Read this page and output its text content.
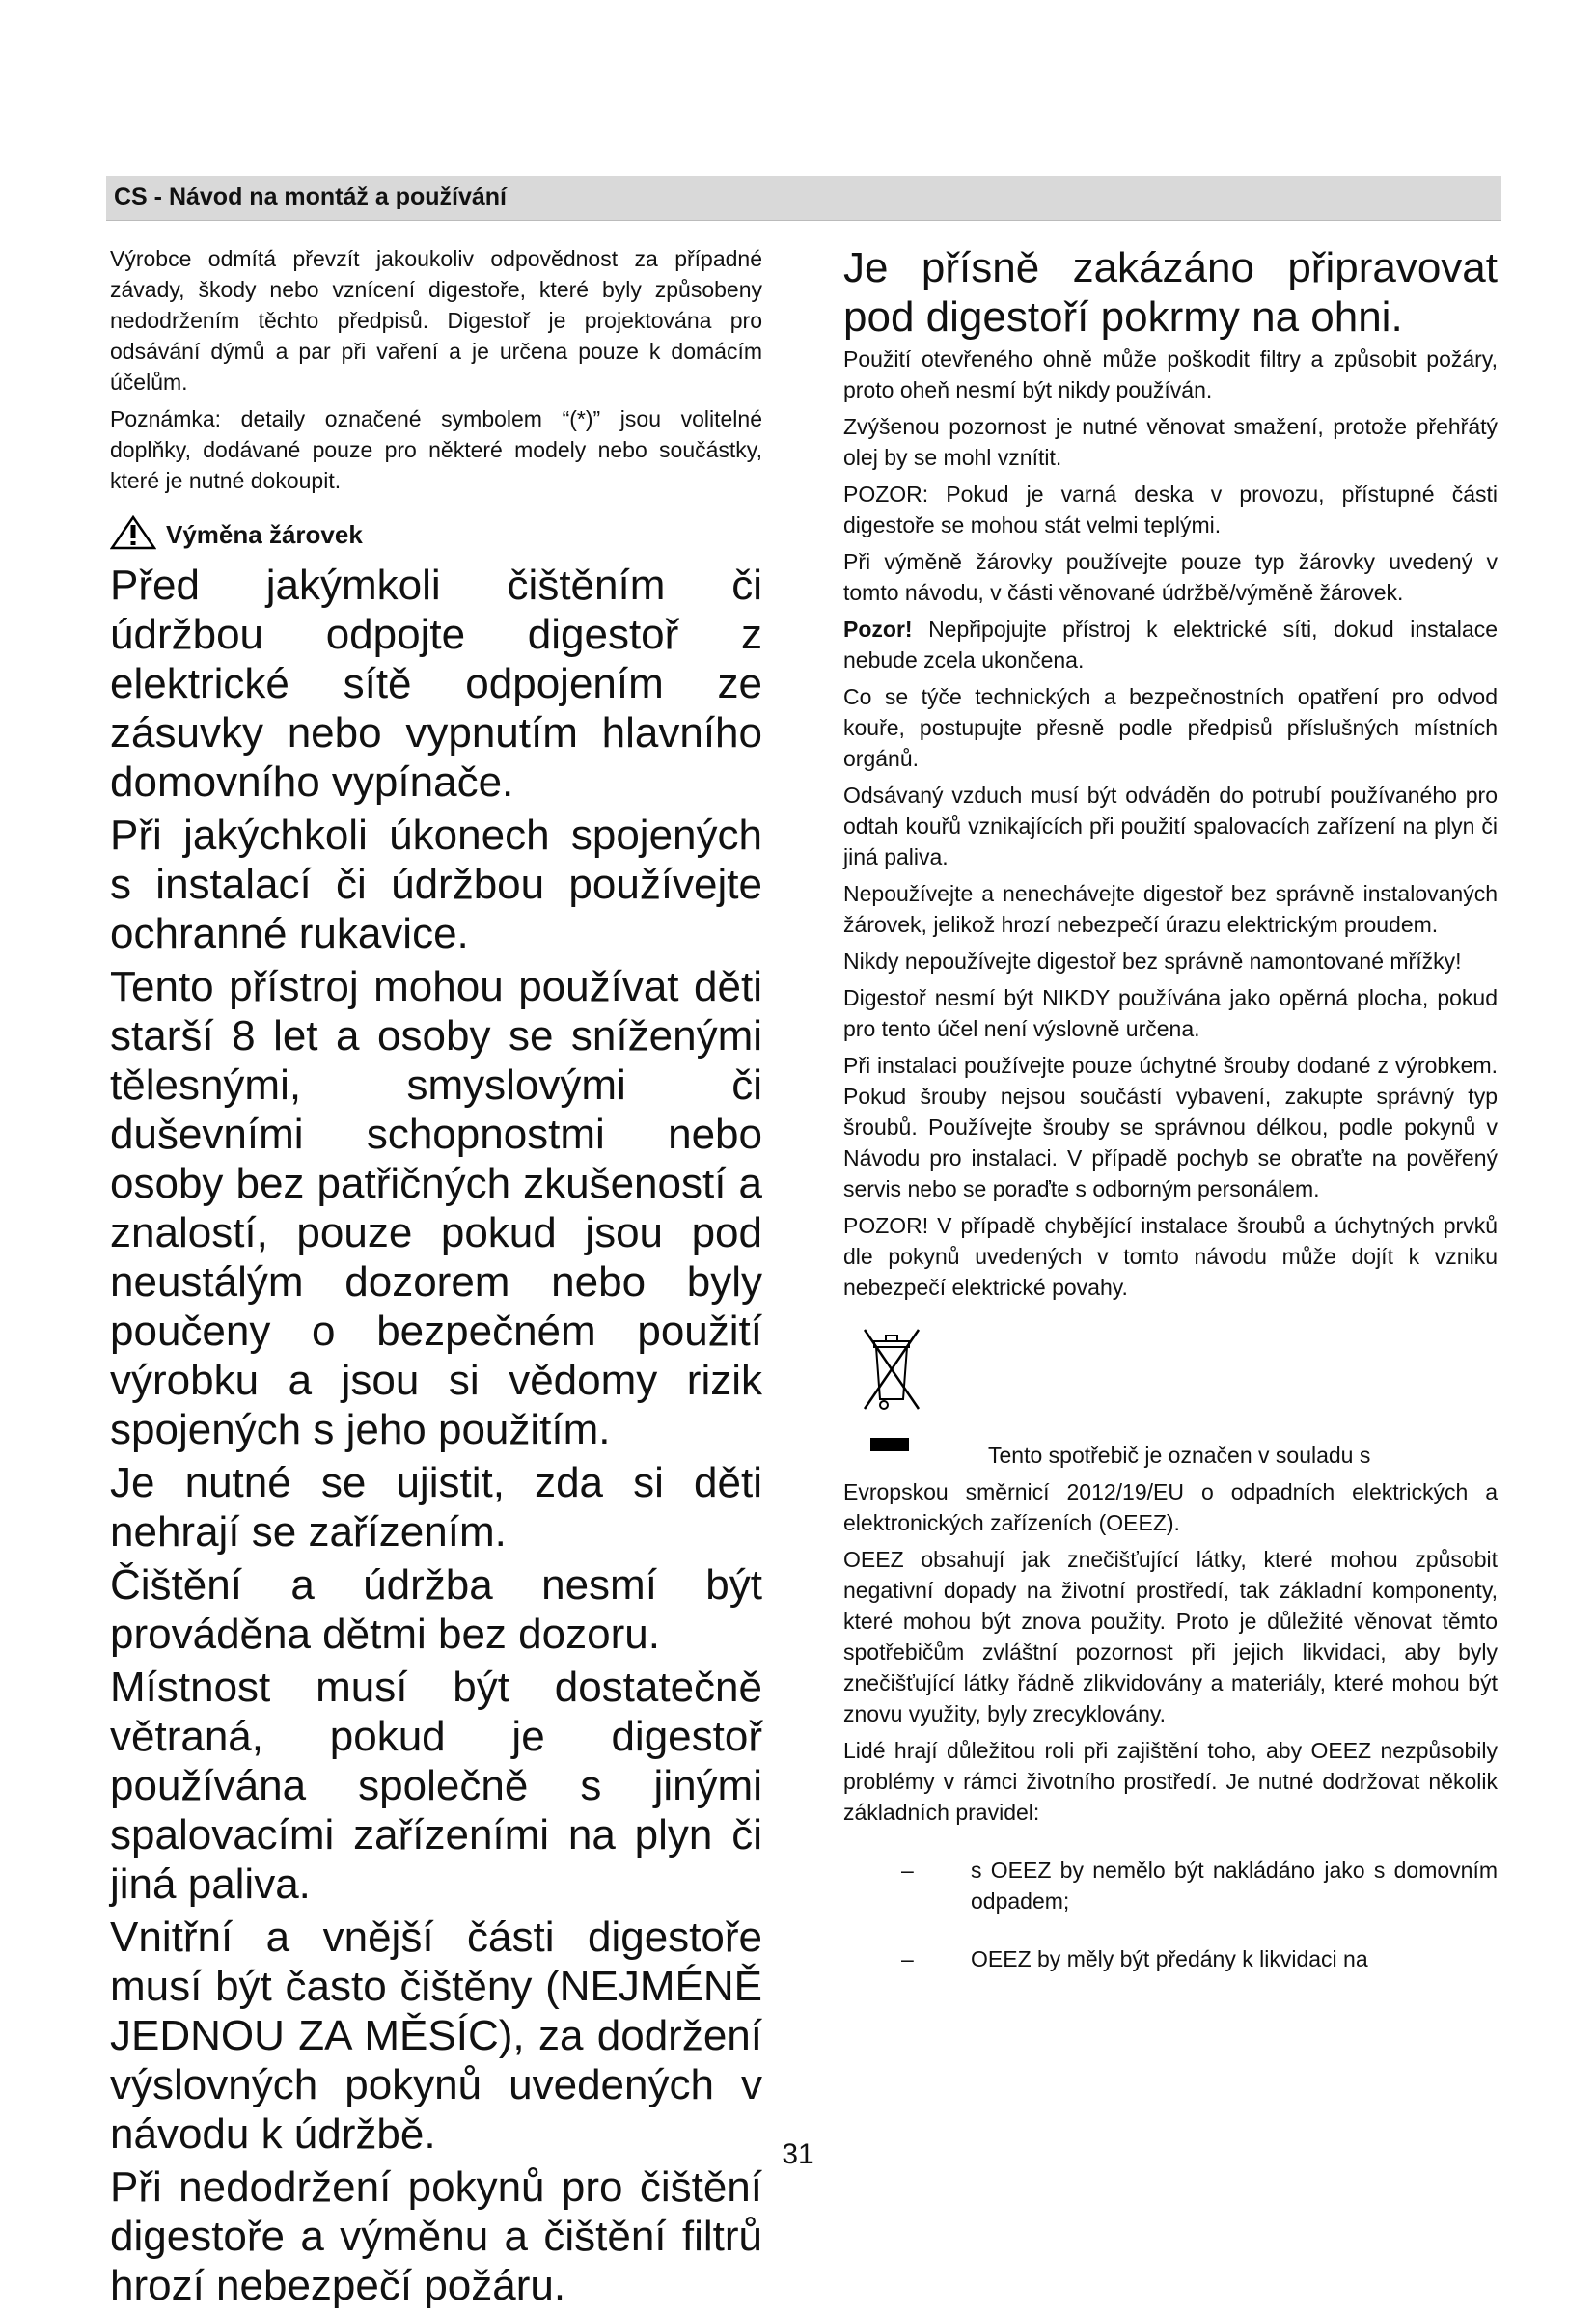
CS - Návod na montáž a používání

Výrobce odmítá převzít jakoukoliv odpovědnost za případné závady, škody nebo vznícení digestoře, které byly způsobeny nedodržením těchto předpisů. Digestoř je projektována pro odsávání dýmů a par při vaření a je určena pouze k domácím účelům.

Poznámka: detaily označené symbolem “(*)” jsou volitelné doplňky, dodávané pouze pro některé modely nebo součástky, které je nutné dokoupit.

Výměna žárovek

Před jakýmkoli čištěním či údržbou odpojte digestoř z elektrické sítě odpojením ze zásuvky nebo vypnutím hlavního domovního vypínače.

Při jakýchkoli úkonech spojených s instalací či údržbou používejte ochranné rukavice.

Tento přístroj mohou používat děti starší 8 let a osoby se sníženými tělesnými, smyslovými či duševními schopnostmi nebo osoby bez patřičných zkušeností a znalostí, pouze pokud jsou pod neustálým dozorem nebo byly poučeny o bezpečném použití výrobku a jsou si vědomy rizik spojených s jeho použitím.

Je nutné se ujistit, zda si děti nehrají se zařízením.

Čištění a údržba nesmí být prováděna dětmi bez dozoru.

Místnost musí být dostatečně větraná, pokud je digestoř používána společně s jinými spalovacími zařízeními na plyn či jiná paliva.

Vnitřní a vnější části digestoře musí být často čištěny (NEJMÉNĚ JEDNOU ZA MĚSÍC), za dodržení výslovných pokynů uvedených v návodu k údržbě.

Při nedodržení pokynů pro čištění digestoře a výměnu a čištění filtrů hrozí nebezpečí požáru.

Je přísně zakázáno připravovat pod digestoří pokrmy na ohni.

Použití otevřeného ohně může poškodit filtry a způsobit požáry, proto oheň nesmí být nikdy používán.

Zvýšenou pozornost je nutné věnovat smažení, protože přehřátý olej by se mohl vznítit.

POZOR: Pokud je varná deska v provozu, přístupné části digestoře se mohou stát velmi teplými.

Při výměně žárovky používejte pouze typ žárovky uvedený v tomto návodu, v části věnované údržbě/výměně žárovek.

Pozor! Nepřipojujte přístroj k elektrické síti, dokud instalace nebude zcela ukončena.

Co se týče technických a bezpečnostních opatření pro odvod kouře, postupujte přesně podle předpisů příslušných místních orgánů.

Odsávaný vzduch musí být odváděn do potrubí používaného pro odtah kouřů vznikajících při použití spalovacích zařízení na plyn či jiná paliva.

Nepoužívejte a nenechávejte digestoř bez správně instalovaných žárovek, jelikož hrozí nebezpečí úrazu elektrickým proudem.

Nikdy nepoužívejte digestoř bez správně namontované mřížky!

Digestoř nesmí být NIKDY používána jako opěrná plocha, pokud pro tento účel není výslovně určena.

Při instalaci používejte pouze úchytné šrouby dodané z výrobkem. Pokud šrouby nejsou součástí vybavení, zakupte správný typ šroubů. Používejte šrouby se správnou délkou, podle pokynů v Návodu pro instalaci. V případě pochyb se obraťte na pověřený servis nebo se poraďte s odborným personálem.

POZOR! V případě chybějící instalace šroubů a úchytných prvků dle pokynů uvedených v tomto návodu může dojít k vzniku nebezpečí elektrické povahy.

Tento spotřebič je označen v souladu s

Evropskou směrnicí 2012/19/EU o odpadních elektrických a elektronických zařízeních (OEEZ).

OEEZ obsahují jak znečišťující látky, které mohou způsobit negativní dopady na životní prostředí, tak základní komponenty, které mohou být znova použity. Proto je důležité věnovat těmto spotřebičům zvláštní pozornost při jejich likvidaci, aby byly znečišťující látky řádně zlikvidovány a materiály, které mohou být znovu využity, byly zrecyklovány.

Lidé hrají důležitou roli při zajištění toho, aby OEEZ nezpůsobily problémy v rámci životního prostředí. Je nutné dodržovat několik základních pravidel:

–	s OEEZ by nemělo být nakládáno jako s domovním odpadem;
–	OEEZ by měly být předány k likvidaci na
31
